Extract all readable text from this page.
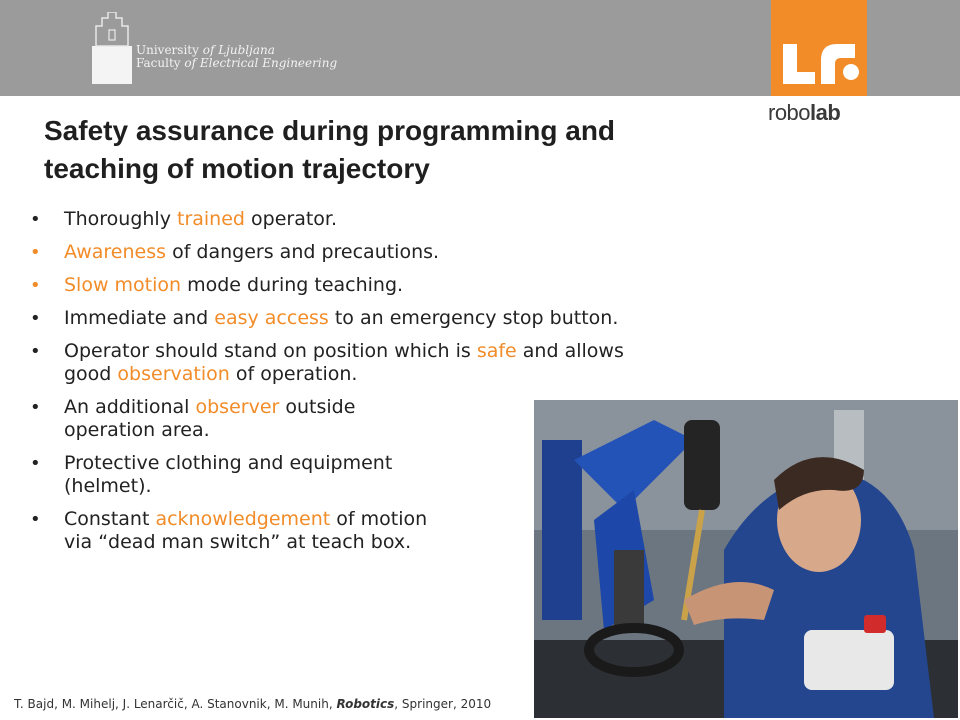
University of Ljubljana
Faculty of Electrical Engineering
robolab
Safety assurance during programming and
teaching of motion trajectory
• Thoroughly trained operator.
• Awareness of dangers and precautions.
• Slow motion mode during teaching.
• Immediate and easy access to an emergency stop button.
• Operator should stand on position which is safe and allows
good observation of operation.
• An additional observer outside
operation area.
• Protective clothing and equipment
(helmet).
• Constant acknowledgement of motion
via “dead man switch” at teach box.
T. Bajd, M. Mihelj, J. Lenarčič, A. Stanovnik, M. Munih, Robotics, Springer, 2010
